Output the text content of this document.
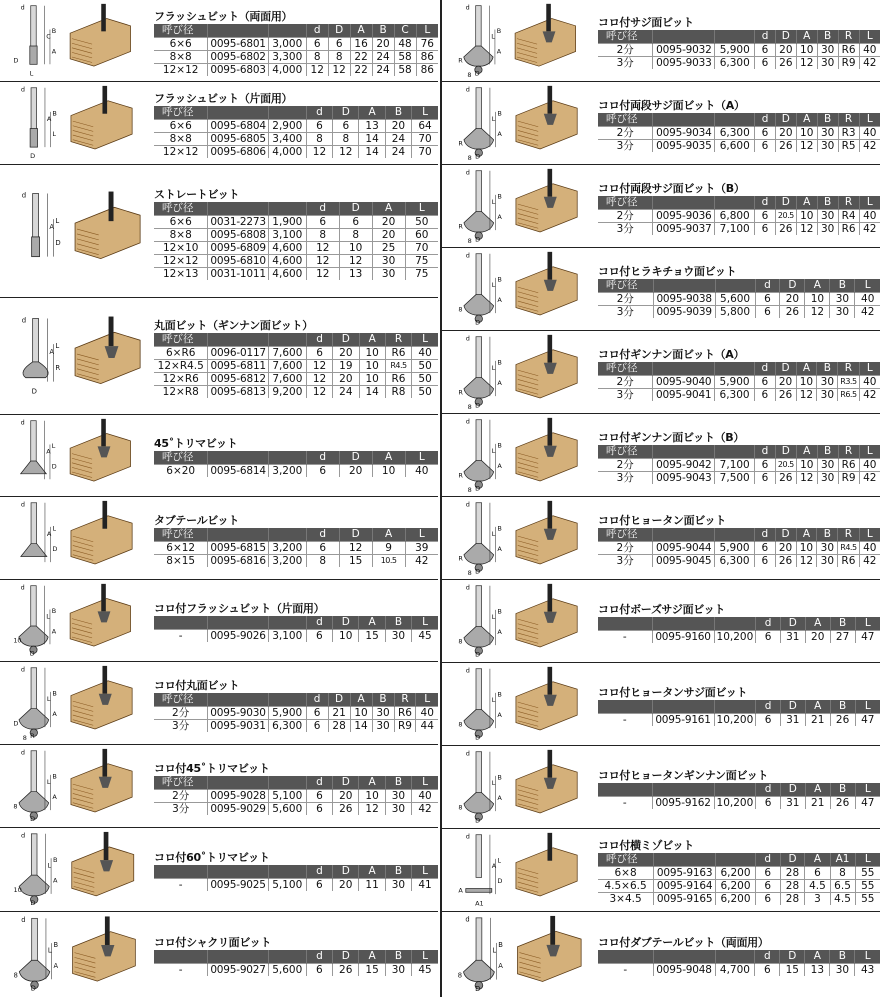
d
B
C
A
L
D
フラッシュビット（両面用）
呼び径			d	D	A	B	C	L
6×6	0095-6801	3,000	6	6	16	20	48	76
8×8	0095-6802	3,300	8	8	22	24	58	86
12×12	0095-6803	4,000	12	12	22	24	58	86
d
B
A
L
D
フラッシュビット（片面用）
呼び径			d	D	A	B	L
6×6	0095-6804	2,900	6	6	13	20	64
8×8	0095-6805	3,400	8	8	14	24	70
12×12	0095-6806	4,000	12	12	14	24	70
d
L
A
D
ストレートビット
呼び径			d	D	A	L
6×6	0031-2273	1,900	6	6	20	50
8×8	0095-6808	3,100	8	8	20	60
12×10	0095-6809	4,600	12	10	25	70
12×12	0095-6810	4,600	12	12	30	75
12×13	0031-1011	4,600	12	13	30	75
d
L
A
R
D
丸面ビット（ギンナン面ビット）
呼び径			d	D	A	R	L
6×R6	0096-0117	7,600	6	20	10	R6	40
12×R4.5	0095-6811	7,600	12	19	10	R4.5	50
12×R6	0095-6812	7,600	12	20	10	R6	50
12×R8	0095-6813	9,200	12	24	14	R8	50
d
L
A
D
45˚トリマビット
呼び径			d	D	A	L
6×20	0095-6814	3,200	6	20	10	40
d
L
A
D
タブテールビット
呼び径			d	D	A	L
6×12	0095-6815	3,200	6	12	9	39
8×15	0095-6816	3,200	8	15	10.5	42
d
B
L
A
D
10
コロ付フラッシュビット（片面用）
			d	D	A	B	L
-	0095-9026	3,100	6	10	15	30	45
d
B
L
A
R
D
8
コロ付丸面ビット
呼び径			d	D	A	B	R	L
2分	0095-9030	5,900	6	21	10	30	R6	40
3分	0095-9031	6,300	6	28	14	30	R9	44
d
B
L
A
D
8
コロ付45˚トリマビット
呼び径			d	D	A	B	L
2分	0095-9028	5,100	6	20	10	30	40
3分	0095-9029	5,600	6	26	12	30	42
d
B
L
A
D
10
コロ付60˚トリマビット
			d	D	A	B	L
-	0095-9025	5,100	6	20	11	30	41
d
B
L
A
D
8
コロ付シャクリ面ビット
			d	D	A	B	L
-	0095-9027	5,600	6	26	15	30	45
d
B
L
A
D
R
8
コロ付サジ面ビット
呼び径			d	D	A	B	R	L
2分	0095-9032	5,900	6	20	10	30	R6	40
3分	0095-9033	6,300	6	26	12	30	R9	42
d
B
L
A
D
R
8
コロ付両段サジ面ビット（A）
呼び径			d	D	A	B	R	L
2分	0095-9034	6,300	6	20	10	30	R3	40
3分	0095-9035	6,600	6	26	12	30	R5	42
d
B
L
A
D
R
8
コロ付両段サジ面ビット（B）
呼び径			d	D	A	B	R	L
2分	0095-9036	6,800	6	20.5	10	30	R4	40
3分	0095-9037	7,100	6	26	12	30	R6	42
d
B
L
A
D
8
コロ付ヒラキチョウ面ビット
呼び径			d	D	A	B	L
2分	0095-9038	5,600	6	20	10	30	40
3分	0095-9039	5,800	6	26	12	30	42
d
B
L
A
D
R
8
コロ付ギンナン面ビット（A）
呼び径			d	D	A	B	R	L
2分	0095-9040	5,900	6	20	10	30	R3.5	40
3分	0095-9041	6,300	6	26	12	30	R6.5	42
d
B
L
A
D
R
8
コロ付ギンナン面ビット（B）
呼び径			d	D	A	B	R	L
2分	0095-9042	7,100	6	20.5	10	30	R6	40
3分	0095-9043	7,500	6	26	12	30	R9	42
d
B
L
A
D
R
8
コロ付ヒョータン面ビット
呼び径			d	D	A	B	R	L
2分	0095-9044	5,900	6	20	10	30	R4.5	40
3分	0095-9045	6,300	6	26	12	30	R6	42
d
B
L
A
D
8
コロ付ボーズサジ面ビット
			d	D	A	B	L
-	0095-9160	10,200	6	31	20	27	47
d
B
L
A
D
8
コロ付ヒョータンサジ面ビット
			d	D	A	B	L
-	0095-9161	10,200	6	31	21	26	47
d
B
L
A
D
8
コロ付ヒョータンギンナン面ビット
			d	D	A	B	L
-	0095-9162	10,200	6	31	21	26	47
d
L
A
D
A1
A
コロ付横ミゾビット
呼び径			d	D	A	A1	L
6×8	0095-9163	6,200	6	28	6	8	55
4.5×6.5	0095-9164	6,200	6	28	4.5	6.5	55
3×4.5	0095-9165	6,200	6	28	3	4.5	55
d
B
L
A
D
8
コロ付ダブテールビット（両面用）
			d	D	A	B	L
-	0095-9048	4,700	6	15	13	30	43
